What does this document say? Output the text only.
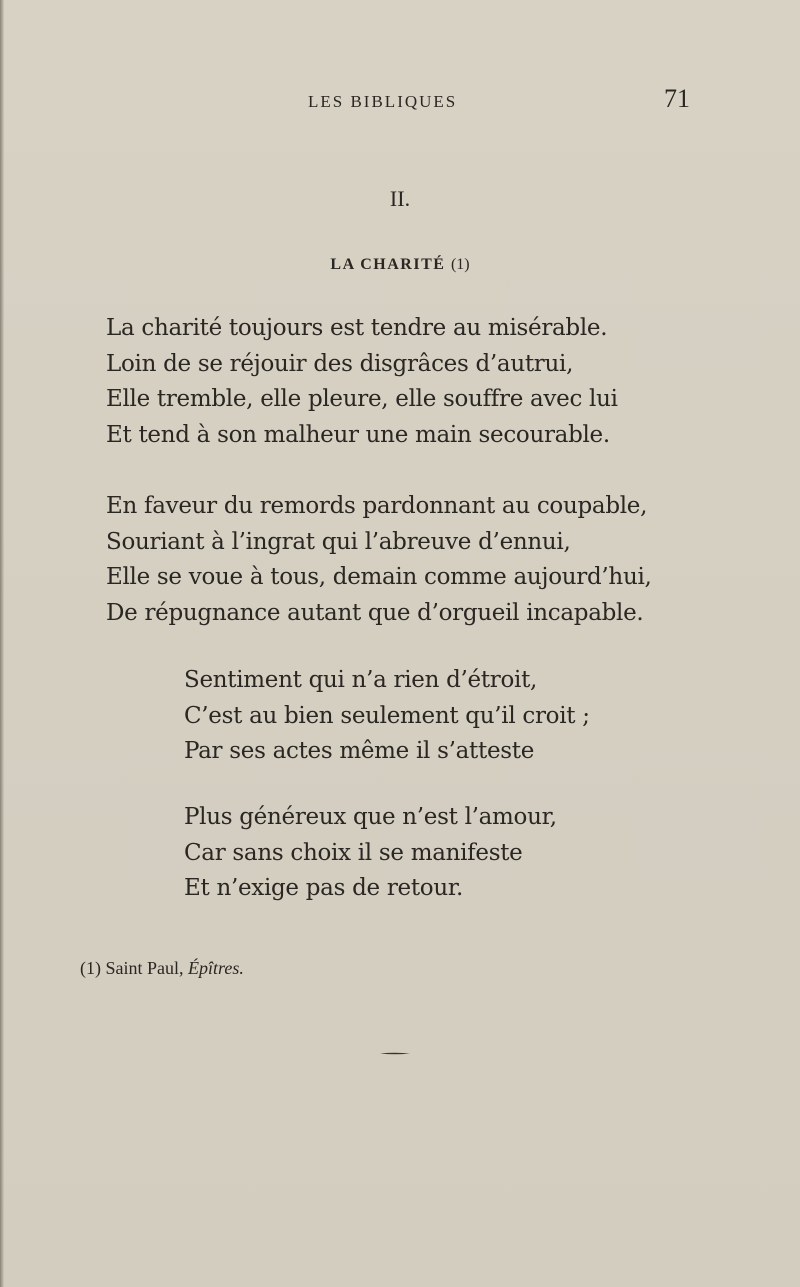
LES BIBLIQUES	71
II.
LA CHARITÉ (1)
La charité toujours est tendre au misérable.
Loin de se réjouir des disgrâces d’autrui,
Elle tremble, elle pleure, elle souffre avec lui
Et tend à son malheur une main secourable.
En faveur du remords pardonnant au coupable,
Souriant à l’ingrat qui l’abreuve d’ennui,
Elle se voue à tous, demain comme aujourd’hui,
De répugnance autant que d’orgueil incapable.
Sentiment qui n’a rien d’étroit,
C’est au bien seulement qu’il croit ;
Par ses actes même il s’atteste
Plus généreux que n’est l’amour,
Car sans choix il se manifeste
Et n’exige pas de retour.
(1) Saint Paul, Épîtres.
